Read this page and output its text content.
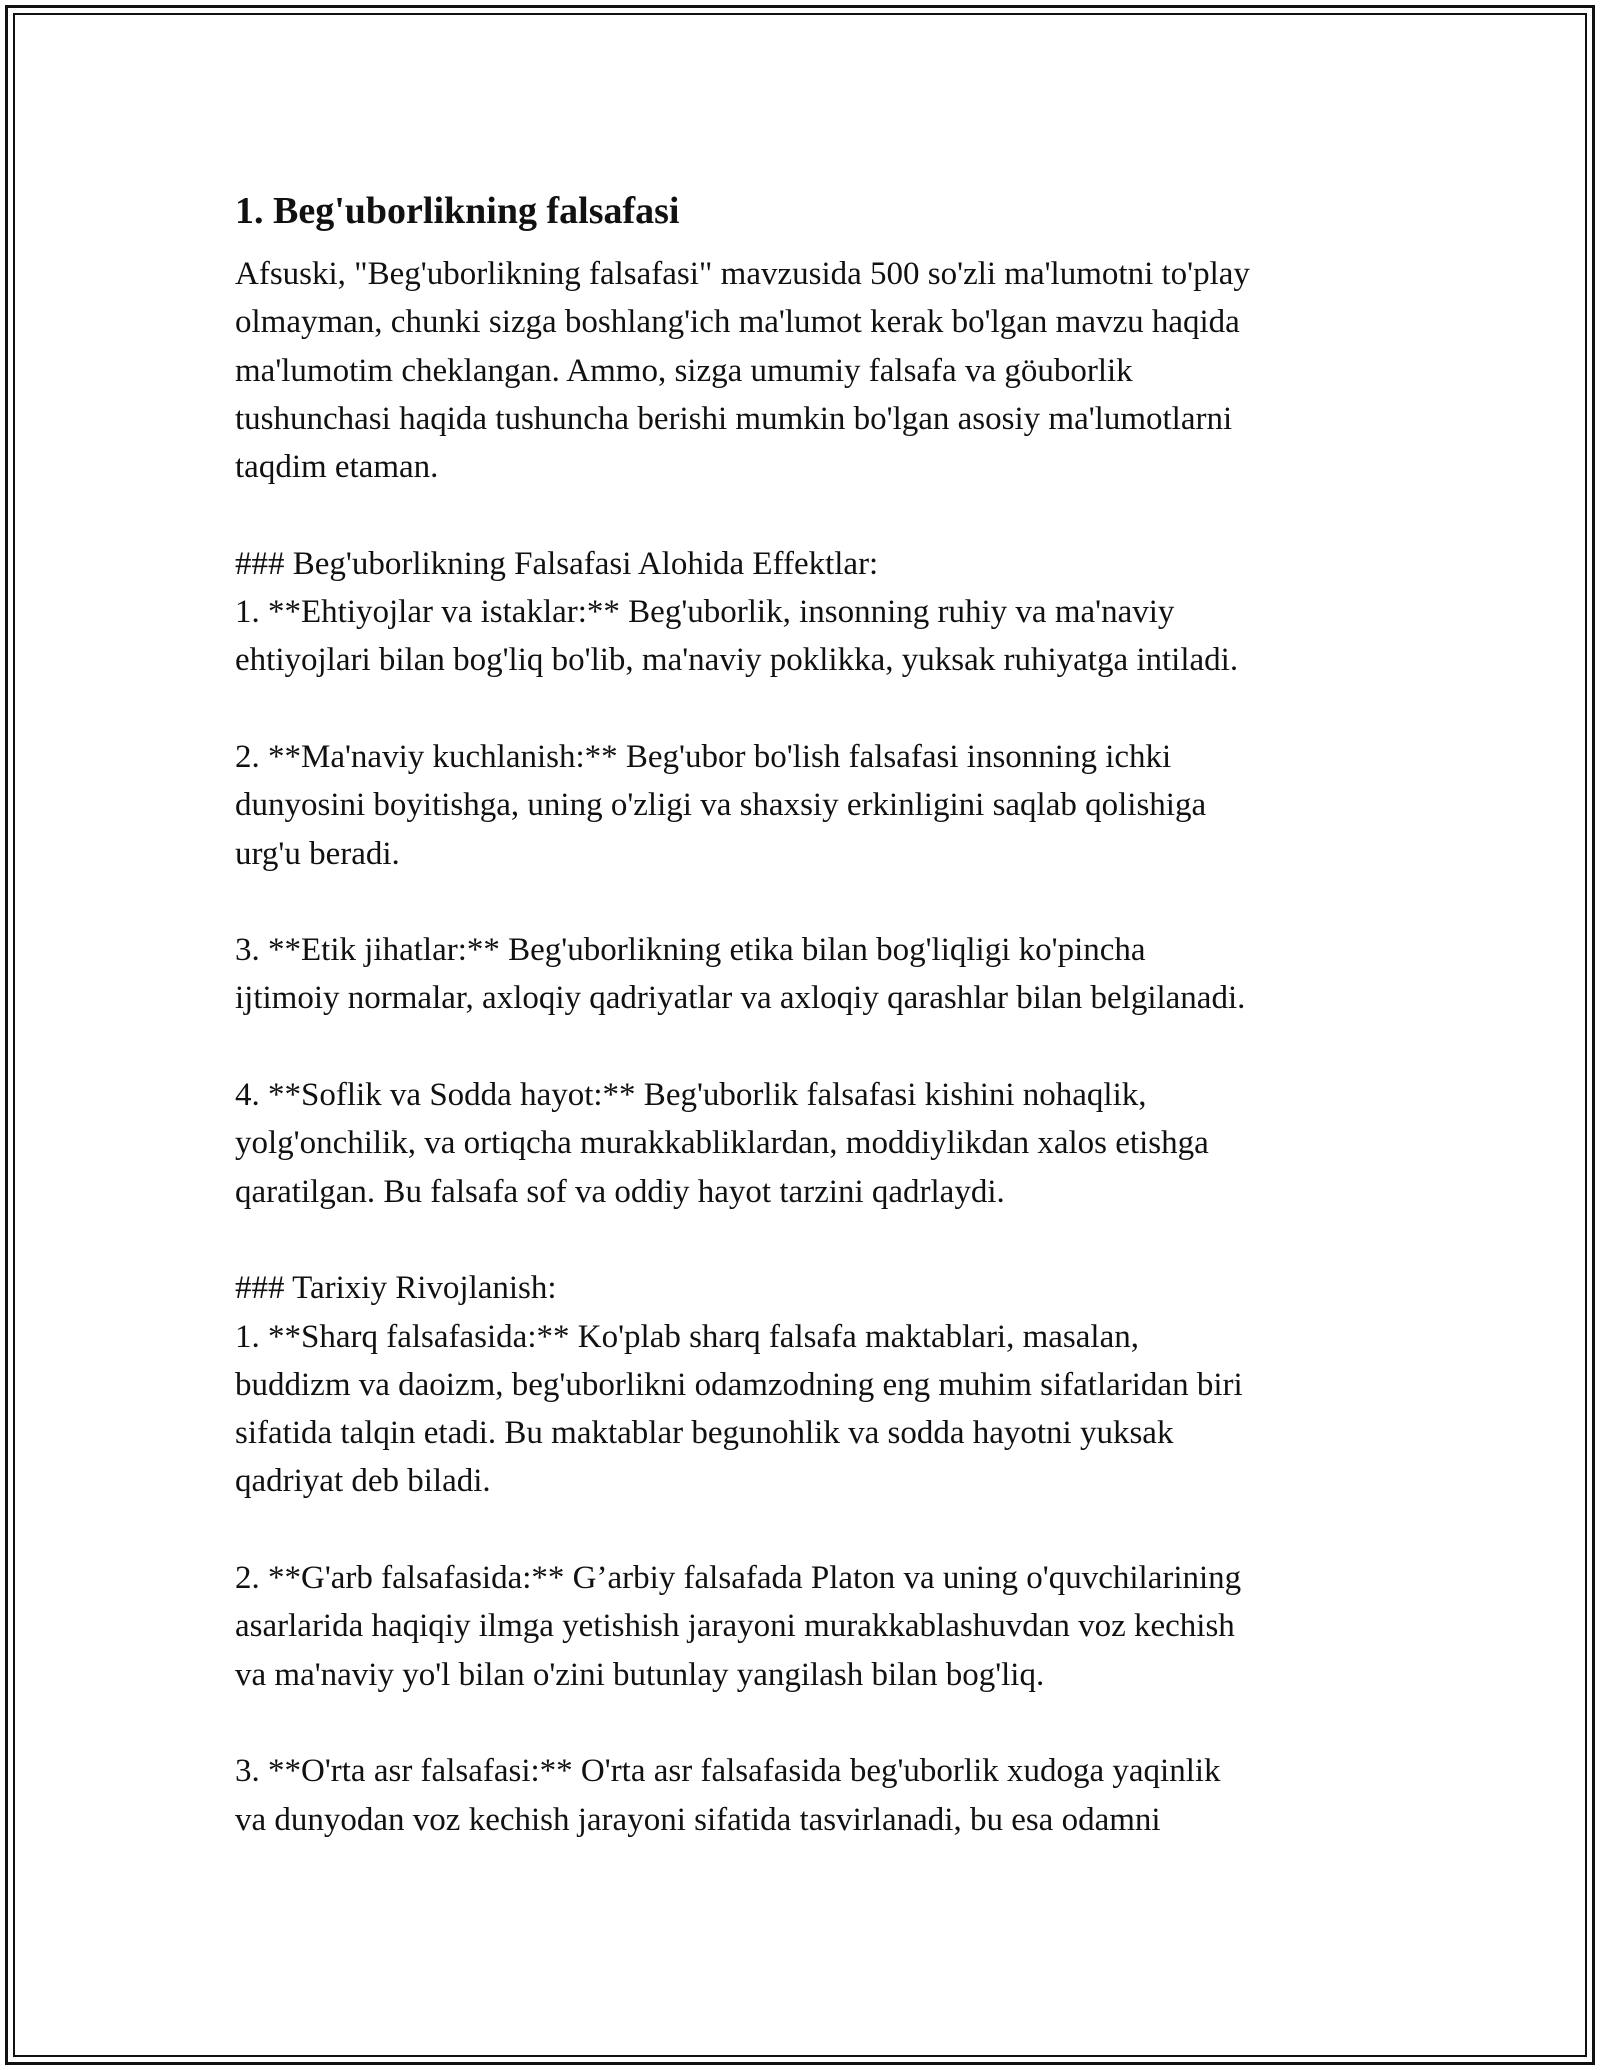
1. Beg'uborlikning falsafasi

Afsuski, "Beg'uborlikning falsafasi" mavzusida 500 so'zli ma'lumotni to'play
olmayman, chunki sizga boshlang'ich ma'lumot kerak bo'lgan mavzu haqida
ma'lumotim cheklangan. Ammo, sizga umumiy falsafa va göuborlik
tushunchasi haqida tushuncha berishi mumkin bo'lgan asosiy ma'lumotlarni
taqdim etaman.

### Beg'uborlikning Falsafasi Alohida Effektlar:
1. **Ehtiyojlar va istaklar:** Beg'uborlik, insonning ruhiy va ma'naviy
ehtiyojlari bilan bog'liq bo'lib, ma'naviy poklikka, yuksak ruhiyatga intiladi.

2. **Ma'naviy kuchlanish:** Beg'ubor bo'lish falsafasi insonning ichki
dunyosini boyitishga, uning o'zligi va shaxsiy erkinligini saqlab qolishiga
urg'u beradi.

3. **Etik jihatlar:** Beg'uborlikning etika bilan bog'liqligi ko'pincha
ijtimoiy normalar, axloqiy qadriyatlar va axloqiy qarashlar bilan belgilanadi.

4. **Soflik va Sodda hayot:** Beg'uborlik falsafasi kishini nohaqlik,
yolg'onchilik, va ortiqcha murakkabliklardan, moddiylikdan xalos etishga
qaratilgan. Bu falsafa sof va oddiy hayot tarzini qadrlaydi.

### Tarixiy Rivojlanish:
1. **Sharq falsafasida:** Ko'plab sharq falsafa maktablari, masalan,
buddizm va daoizm, beg'uborlikni odamzodning eng muhim sifatlaridan biri
sifatida talqin etadi. Bu maktablar begunohlik va sodda hayotni yuksak
qadriyat deb biladi.

2. **G'arb falsafasida:** G’arbiy falsafada Platon va uning o'quvchilarining
asarlarida haqiqiy ilmga yetishish jarayoni murakkablashuvdan voz kechish
va ma'naviy yo'l bilan o'zini butunlay yangilash bilan bog'liq.

3. **O'rta asr falsafasi:** O'rta asr falsafasida beg'uborlik xudoga yaqinlik
va dunyodan voz kechish jarayoni sifatida tasvirlanadi, bu esa odamni
